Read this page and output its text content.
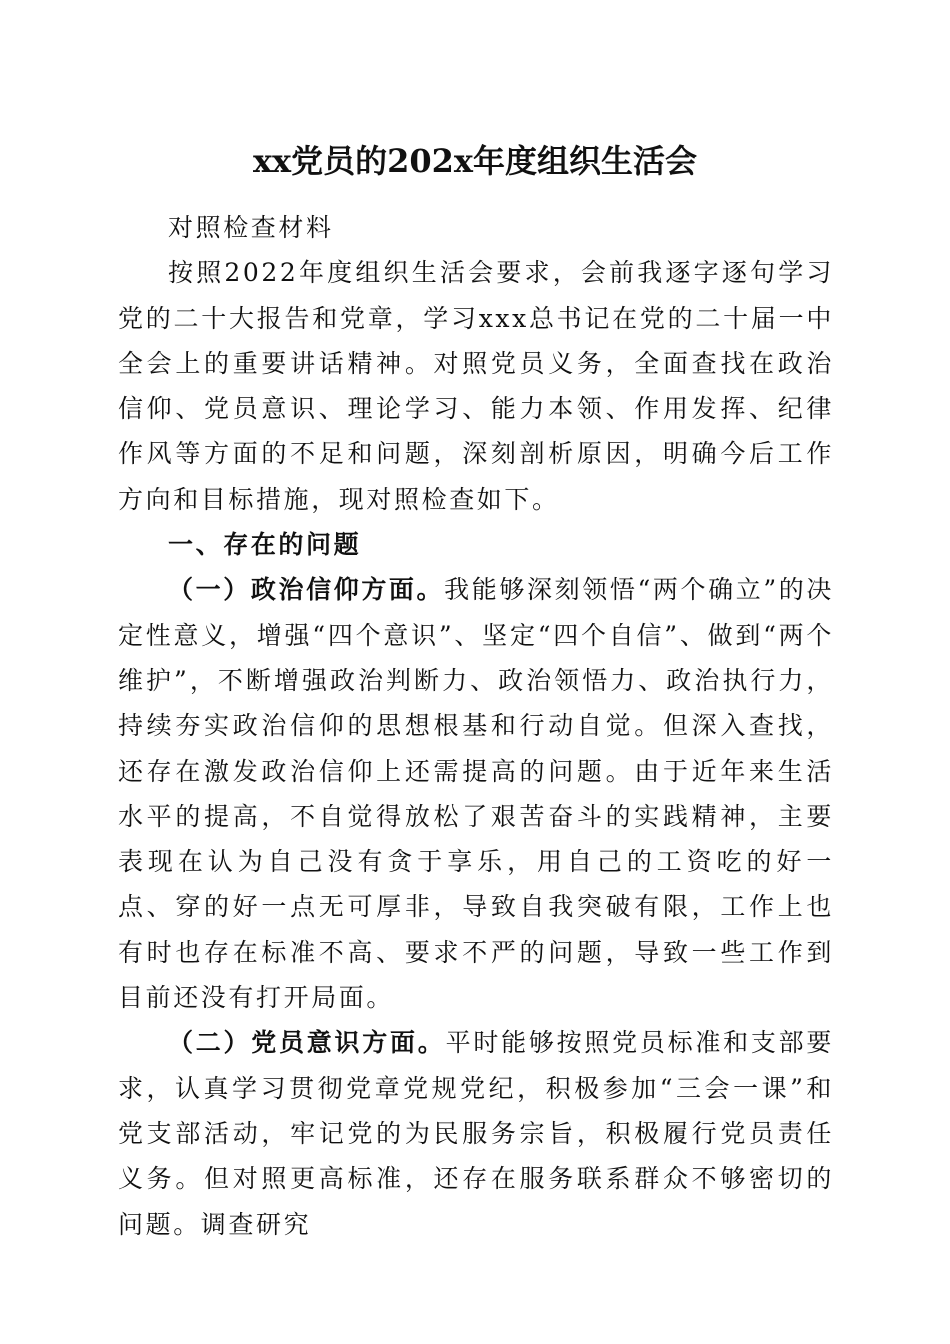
xx党员的202x年度组织生活会

对照检查材料

按照2022年度组织生活会要求，会前我逐字逐句学习党的二十大报告和党章，学习xxx总书记在党的二十届一中全会上的重要讲话精神。对照党员义务，全面查找在政治信仰、党员意识、理论学习、能力本领、作用发挥、纪律作风等方面的不足和问题，深刻剖析原因，明确今后工作方向和目标措施，现对照检查如下。

一、存在的问题

（一）政治信仰方面。我能够深刻领悟“两个确立”的决定性意义，增强“四个意识”、坚定“四个自信”、做到“两个维护”，不断增强政治判断力、政治领悟力、政治执行力，持续夯实政治信仰的思想根基和行动自觉。但深入查找，还存在激发政治信仰上还需提高的问题。由于近年来生活水平的提高，不自觉得放松了艰苦奋斗的实践精神，主要表现在认为自己没有贪于享乐，用自己的工资吃的好一点、穿的好一点无可厚非，导致自我突破有限，工作上也有时也存在标准不高、要求不严的问题，导致一些工作到目前还没有打开局面。

（二）党员意识方面。平时能够按照党员标准和支部要求，认真学习贯彻党章党规党纪，积极参加“三会一课”和党支部活动，牢记党的为民服务宗旨，积极履行党员责任义务。但对照更高标准，还存在服务联系群众不够密切的问题。调查研究
